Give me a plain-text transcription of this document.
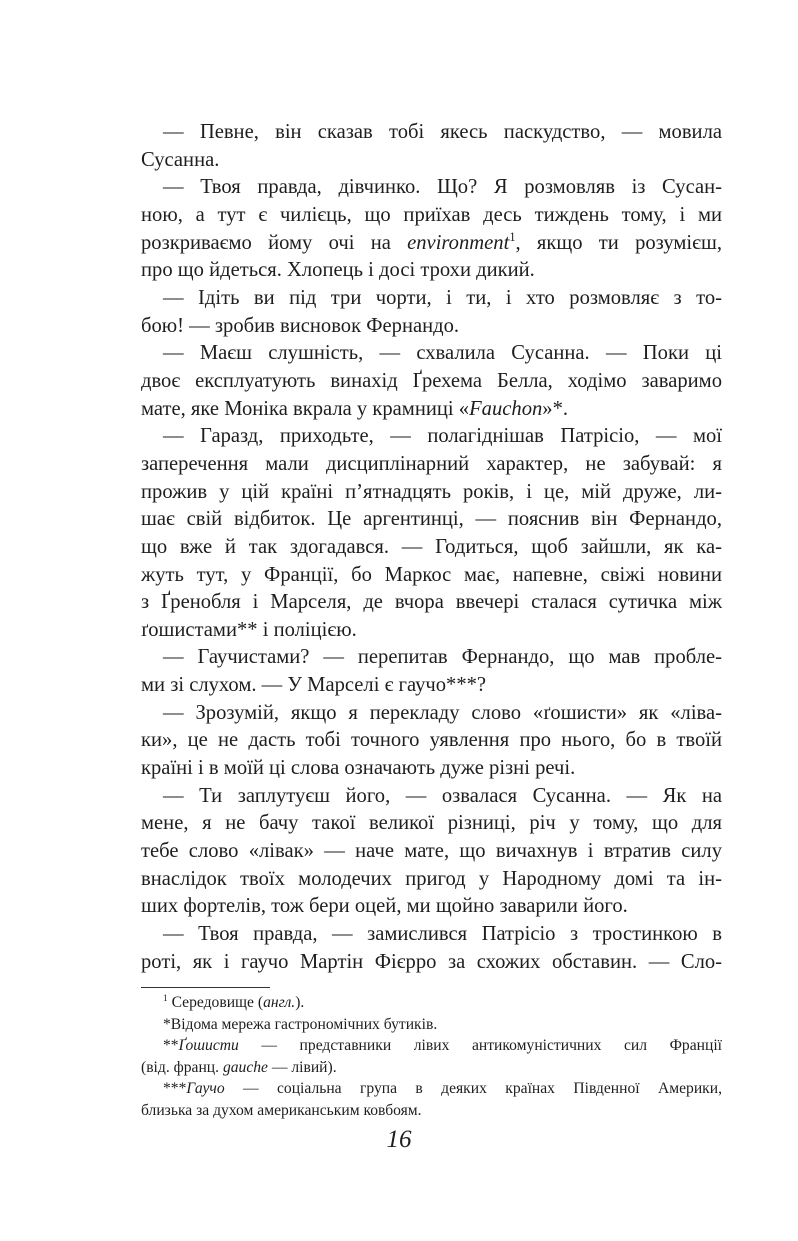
— Певне, він сказав тобі якесь паскудство, — мовила
Сусанна.
— Твоя правда, дівчинко. Що? Я розмовляв із Сусан-
ною, а тут є чилієць, що приїхав десь тиждень тому, і ми
розкриваємо йому очі на environment$^1$, якщо ти розумієш,
про що йдеться. Хлопець і досі трохи дикий.
— Ідіть ви під три чорти, і ти, і хто розмовляє з то-
бою! — зробив висновок Фернандо.
— Маєш слушність, — схвалила Сусанна. — Поки ці
двоє експлуатують винахід Ґрехема Белла, ходімо заваримо
мате, яке Моніка вкрала у крамниці «Fauchon»*.
— Гаразд, приходьте, — полагіднішав Патрісіо, — мої
заперечення мали дисциплінарний характер, не забувай: я
прожив у цій країні п’ятнадцять років, і це, мій друже, ли-
шає свій відбиток. Це аргентинці, — пояснив він Фернандо,
що вже й так здогадався. — Годиться, щоб зайшли, як ка-
жуть тут, у Франції, бо Маркос має, напевне, свіжі новини
з Ґренобля і Марселя, де вчора ввечері сталася сутичка між
ґошистами** і поліцією.
— Гаучистами? — перепитав Фернандо, що мав пробле-
ми зі слухом. — У Марселі є гаучо***?
— Зрозумій, якщо я перекладу слово «ґошисти» як «ліва-
ки», це не дасть тобі точного уявлення про нього, бо в твоїй
країні і в моїй ці слова означають дуже різні речі.
— Ти заплутуєш його, — озвалася Сусанна. — Як на
мене, я не бачу такої великої різниці, річ у тому, що для
тебе слово «лівак» — наче мате, що вичахнув і втратив силу
внаслідок твоїх молодечих пригод у Народному домі та ін-
ших фортелів, тож бери оцей, ми щойно заварили його.
— Твоя правда, — замислився Патрісіо з тростинкою в
роті, як і гаучо Мартін Фієрро за схожих обставин. — Сло-
$^1$ Середовище (англ.).
*Відома мережа гастрономічних бутиків.
**Ґошисти — представники лівих антикомуністичних сил Франції
(від. франц. gauche — лівий).
***Гаучо — соціальна група в деяких країнах Південної Америки,
близька за духом американським ковбоям.
16
